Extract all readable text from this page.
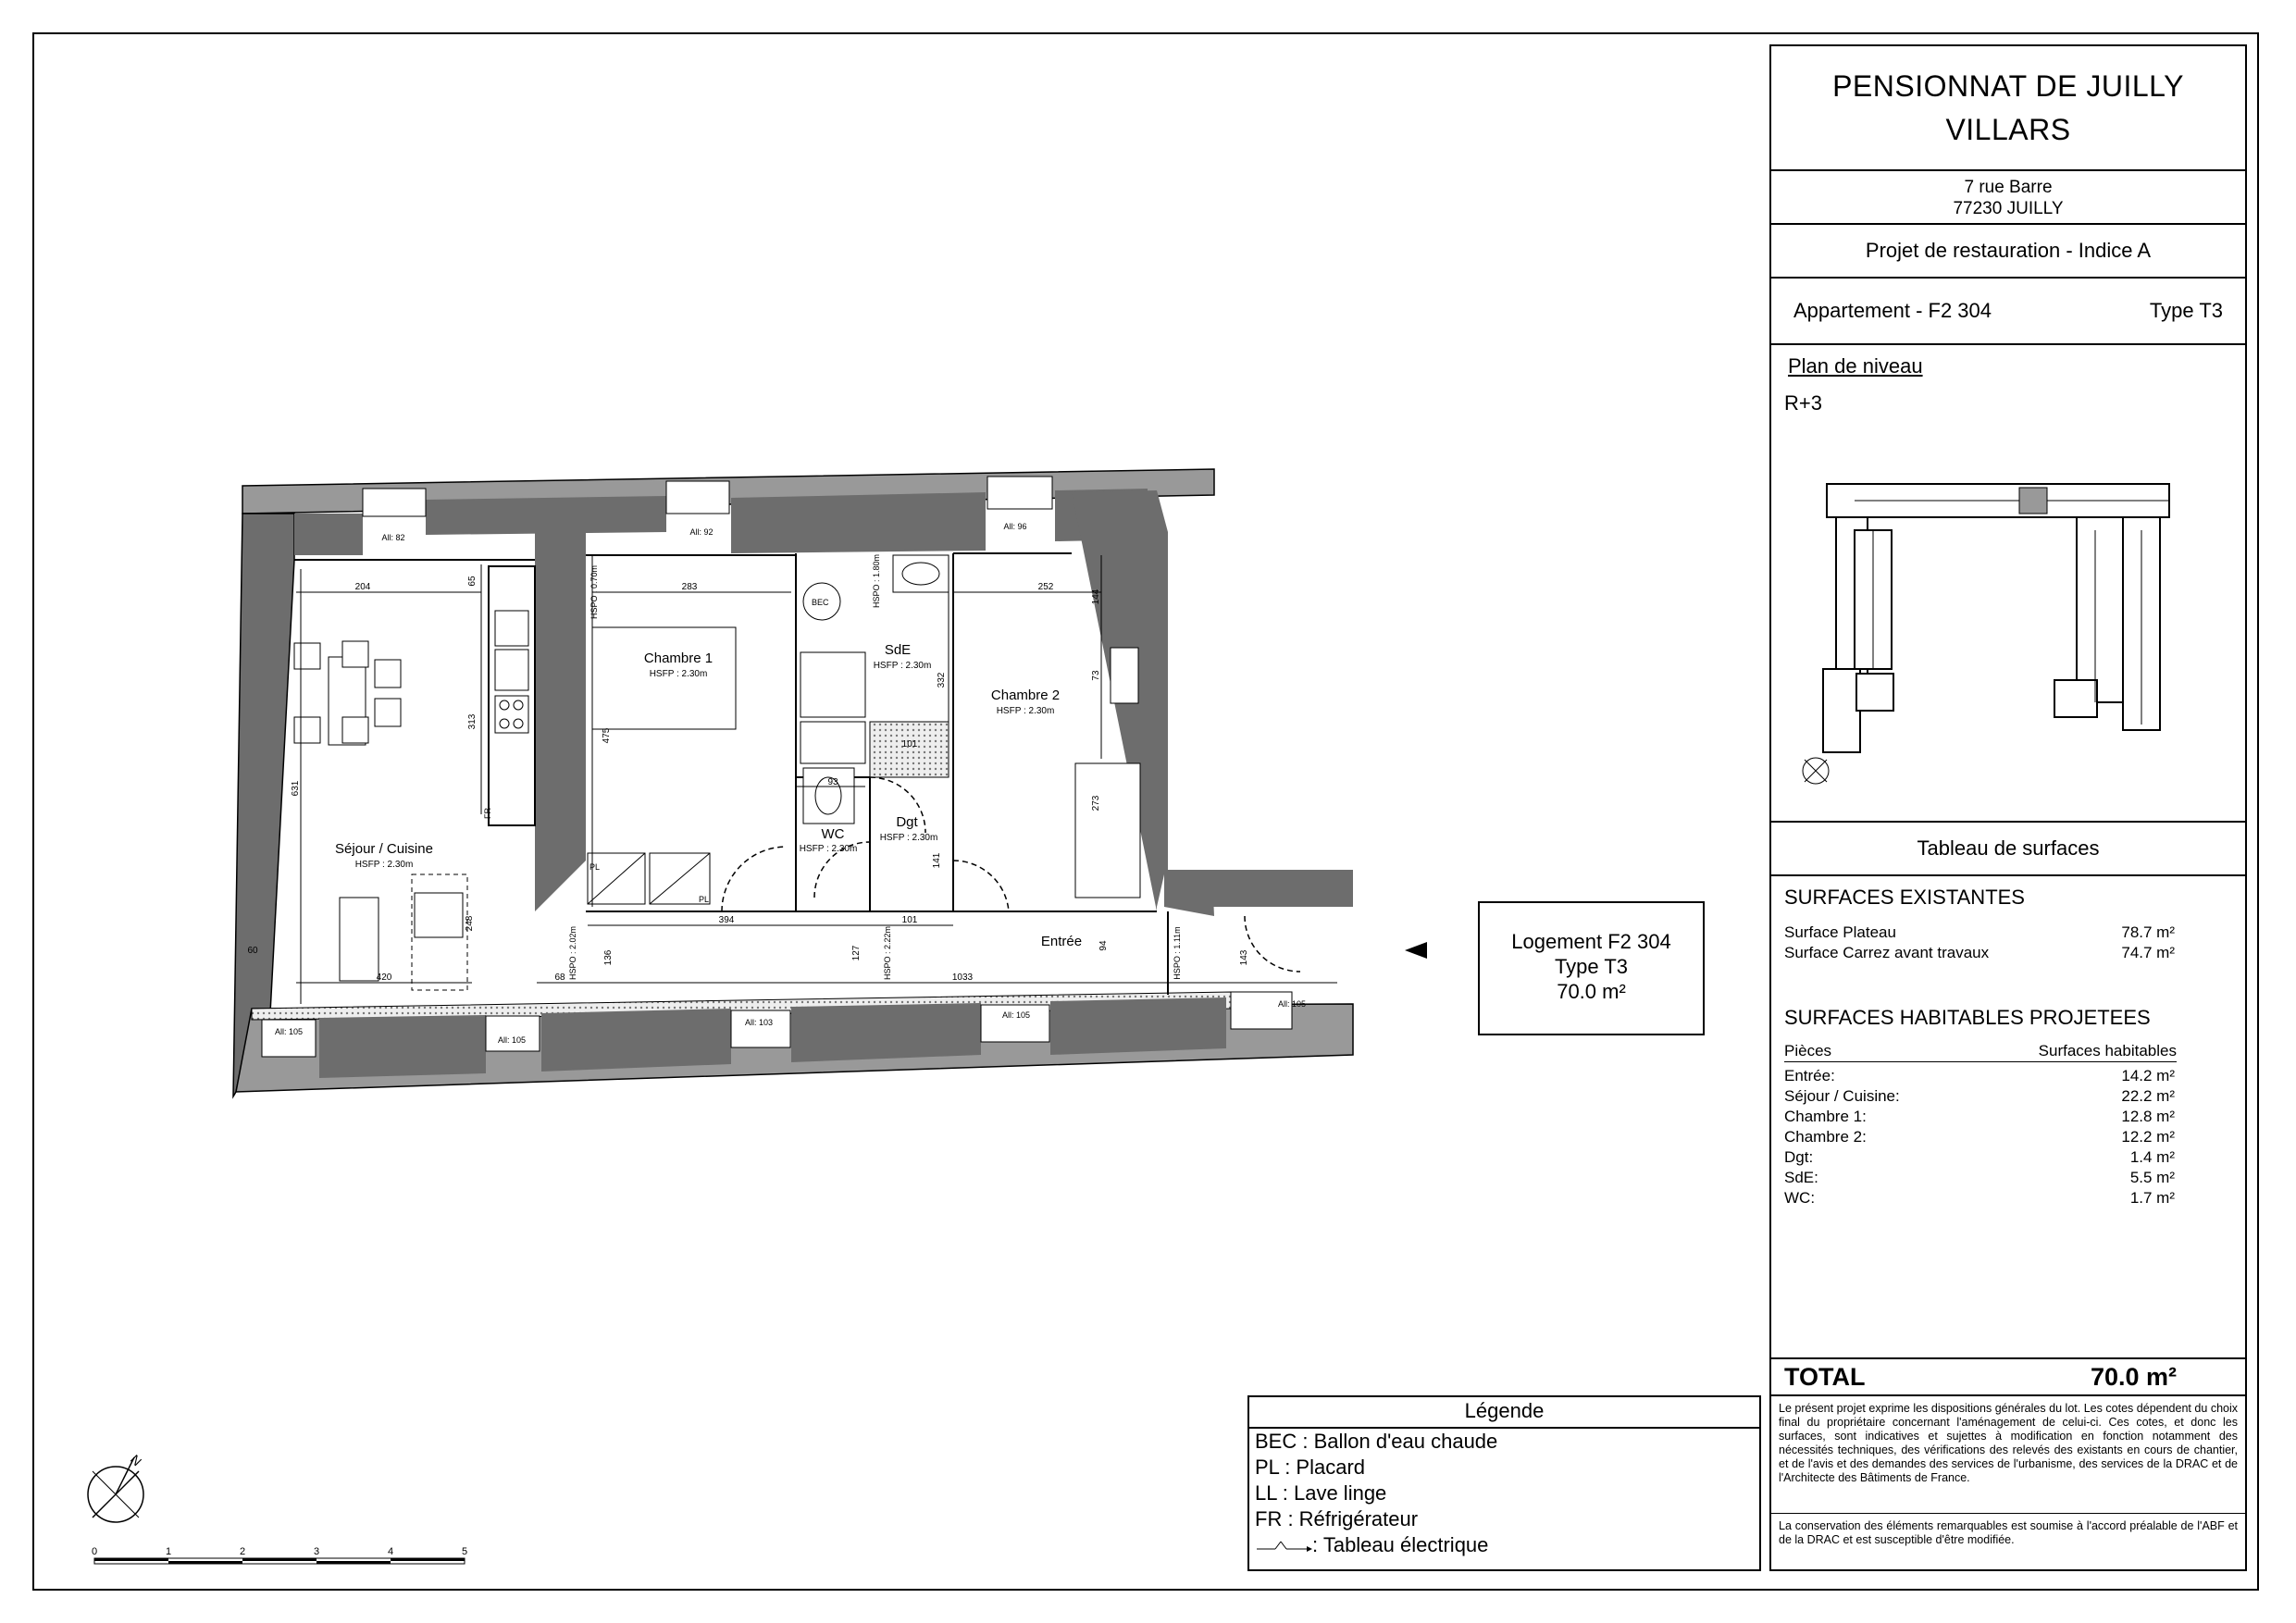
Séjour / Cuisine
HSFP : 2.30m
Chambre 1
HSFP : 2.30m
SdE
HSFP : 2.30m
Chambre 2
HSFP : 2.30m
Dgt
HSFP : 2.30m
WC
HSFP : 2.30m
Entrée
204	283	252
65
144
313
631
475
332	73
273
248
420
394
101
93
101
141
68
136	127	94
143
1033
60
All: 82
All: 92
All: 96
All: 105
All: 105
All: 103
All: 105
All: 105
HSPO : 0.70m	HSPO : 1.80m
HSPO : 2.02m	HSPO : 2.22m	HSPO : 1.11m
BEC
PL
PL
FR
N
0	1	2	3	4	5
Logement F2 304
Type T3
70.0 m²
Légende
BEC : Ballon d'eau chaude
PL : Placard
LL : Lave linge
FR : Réfrigérateur
: Tableau électrique
PENSIONNAT DE JUILLY
VILLARS
7 rue Barre
77230 JUILLY
Projet de restauration - Indice A
Appartement - F2 304	Type T3
Plan de niveau
R+3
Tableau de surfaces
SURFACES EXISTANTES
Surface Plateau	78.7 m²
Surface Carrez avant travaux	74.7 m²
SURFACES HABITABLES PROJETEES
Pièces	Surfaces habitables
Entrée:	14.2 m²
Séjour / Cuisine:	22.2 m²
Chambre 1:	12.8 m²
Chambre 2:	12.2 m²
Dgt:	1.4 m²
SdE:	5.5 m²
WC:	1.7 m²
TOTAL	70.0 m²
Le présent projet exprime les dispositions générales du lot. Les cotes dépendent du choix final du propriétaire concernant l'aménagement de celui-ci. Ces cotes, et donc les surfaces, sont indicatives et sujettes à modification en fonction notamment des nécessités techniques, des vérifications des relevés des existants en cours de chantier, et de l'avis et des demandes des services de l'urbanisme, des services de la DRAC et de l'Architecte des Bâtiments de France.
La conservation des éléments remarquables est soumise à l'accord préalable de l'ABF et de la DRAC et est susceptible d'être modifiée.
